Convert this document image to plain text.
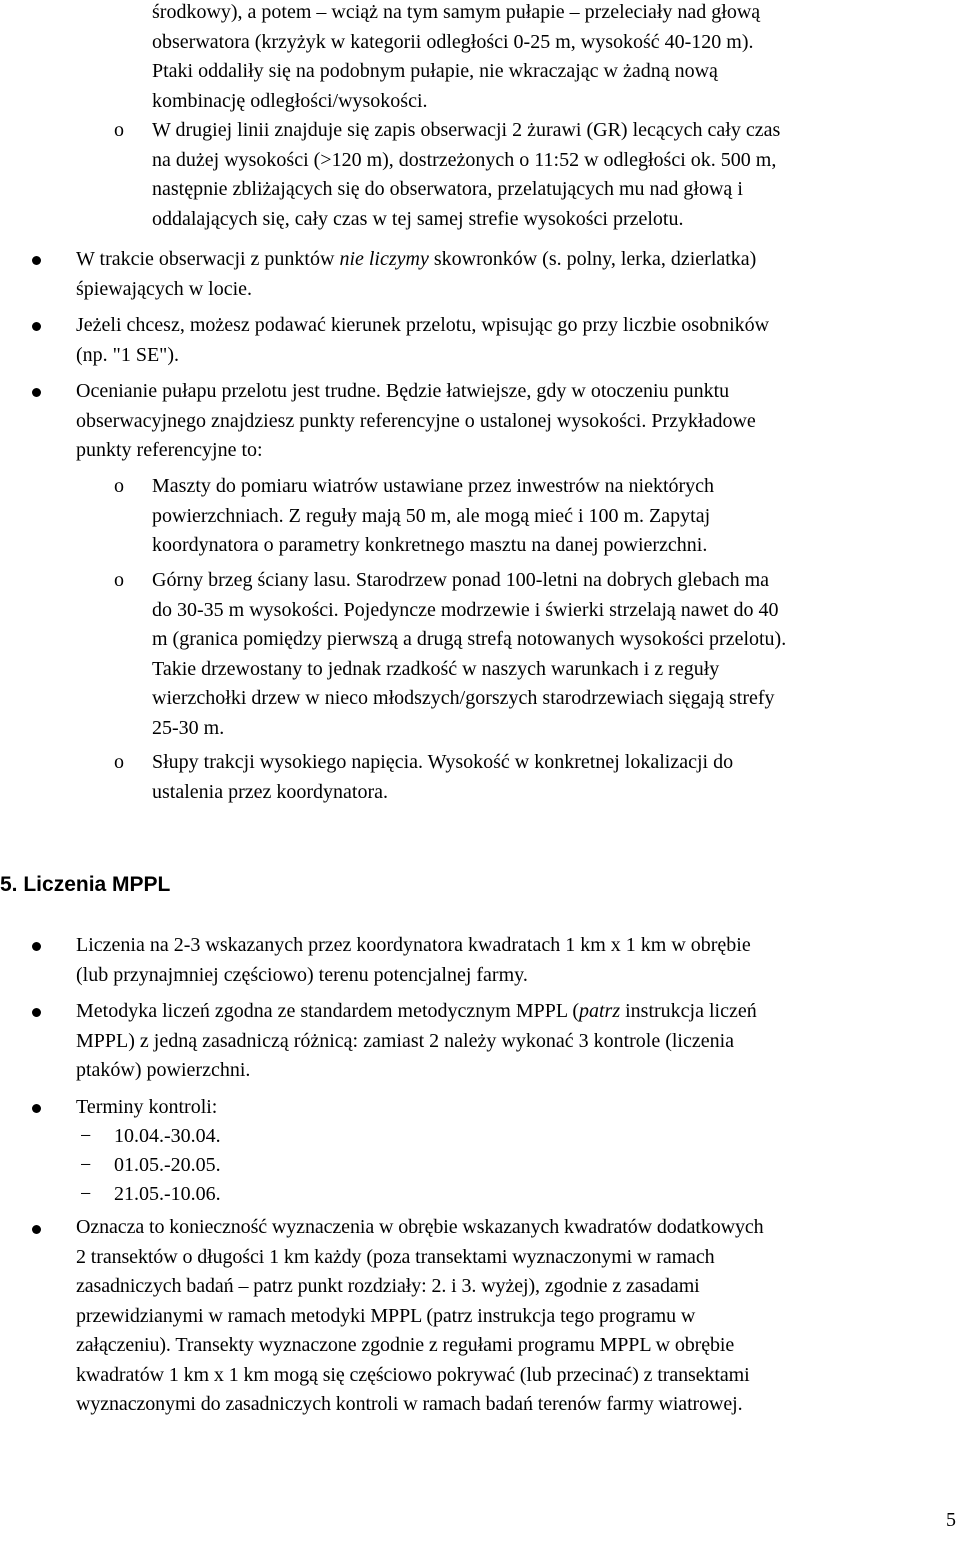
środkowy), a potem – wciąż na tym samym pułapie – przeleciały nad głową
obserwatora (krzyżyk w kategorii odległości 0-25 m, wysokość 40-120 m).
Ptaki oddaliły się na podobnym pułapie, nie wkraczając w żadną nową
kombinację odległości/wysokości.
o W drugiej linii znajduje się zapis obserwacji 2 żurawi (GR) lecących cały czas
na dużej wysokości (>120 m), dostrzeżonych o 11:52 w odległości ok. 500 m,
następnie zbliżających się do obserwatora, przelatujących mu nad głową i
oddalających się, cały czas w tej samej strefie wysokości przelotu.
W trakcie obserwacji z punktów nie liczymy skowronków (s. polny, lerka, dzierlatka)
śpiewających w locie.
Jeżeli chcesz, możesz podawać kierunek przelotu, wpisując go przy liczbie osobników
(np. "1 SE").
Ocenianie pułapu przelotu jest trudne. Będzie łatwiejsze, gdy w otoczeniu punktu
obserwacyjnego znajdziesz punkty referencyjne o ustalonej wysokości. Przykładowe
punkty referencyjne to:
o Maszty do pomiaru wiatrów ustawiane przez inwestrów na niektórych
powierzchniach. Z reguły mają 50 m, ale mogą mieć i 100 m. Zapytaj
koordynatora o parametry konkretnego masztu na danej powierzchni.
o Górny brzeg ściany lasu. Starodrzew ponad 100-letni na dobrych glebach ma
do 30-35 m wysokości. Pojedyncze modrzewie i świerki strzelają nawet do 40
m (granica pomiędzy pierwszą a drugą strefą notowanych wysokości przelotu).
Takie drzewostany to jednak rzadkość w naszych warunkach i z reguły
wierzchołki drzew w nieco młodszych/gorszych starodrzewiach sięgają strefy
25-30 m.
o Słupy trakcji wysokiego napięcia. Wysokość w konkretnej lokalizacji do
ustalenia przez koordynatora.
5. Liczenia MPPL
Liczenia na 2-3 wskazanych przez koordynatora kwadratach 1 km x 1 km w obrębie
(lub przynajmniej częściowo) terenu potencjalnej farmy.
Metodyka liczeń zgodna ze standardem metodycznym MPPL (patrz instrukcja liczeń
MPPL) z jedną zasadniczą różnicą: zamiast 2 należy wykonać 3 kontrole (liczenia
ptaków) powierzchni.
Terminy kontroli:
−	10.04.-30.04.
−	01.05.-20.05.
−	21.05.-10.06.
Oznacza to konieczność wyznaczenia w obrębie wskazanych kwadratów dodatkowych
2 transektów o długości 1 km każdy (poza transektami wyznaczonymi w ramach
zasadniczych badań – patrz punkt rozdziały: 2. i 3. wyżej), zgodnie z zasadami
przewidzianymi w ramach metodyki MPPL (patrz instrukcja tego programu w
załączeniu). Transekty wyznaczone zgodnie z regułami programu MPPL w obrębie
kwadratów 1 km x 1 km mogą się częściowo pokrywać (lub przecinać) z transektami
wyznaczonymi do zasadniczych kontroli w ramach badań terenów farmy wiatrowej.
5
